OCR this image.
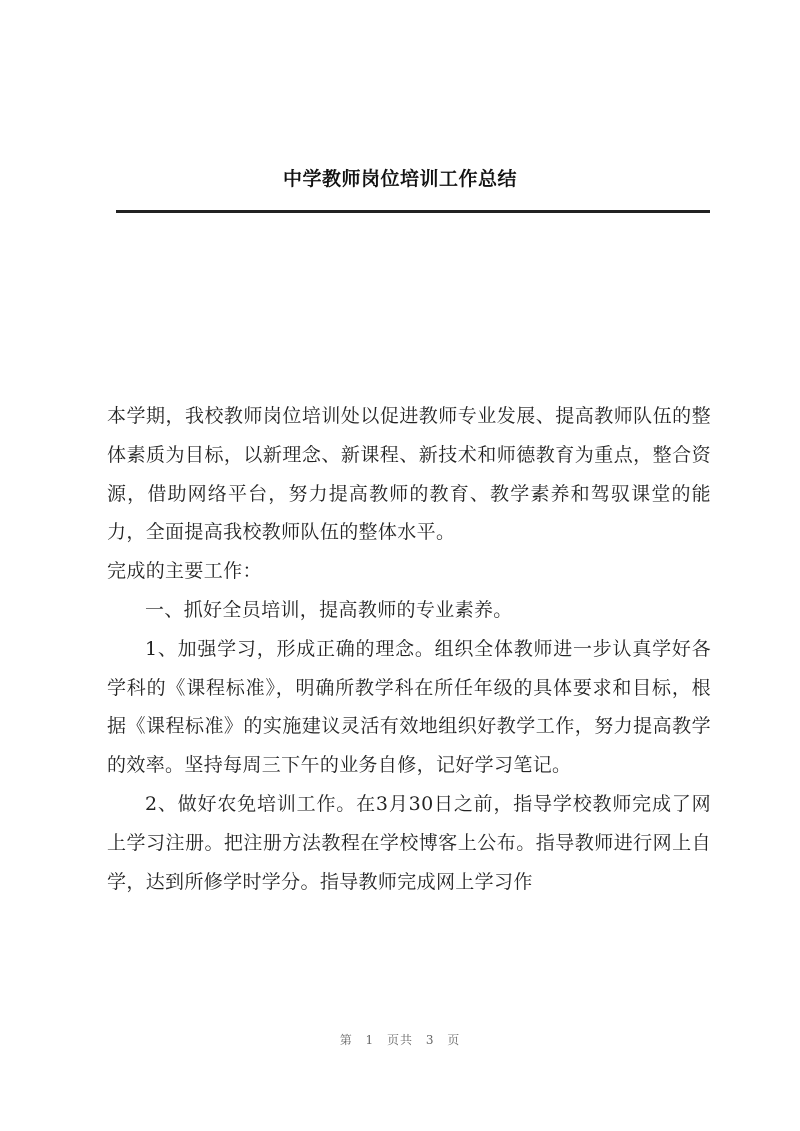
中学教师岗位培训工作总结

本学期，我校教师岗位培训处以促进教师专业发展、提高教师队伍的整体素质为目标，以新理念、新课程、新技术和师德教育为重点，整合资源，借助网络平台，努力提高教师的教育、教学素养和驾驭课堂的能力，全面提高我校教师队伍的整体水平。

完成的主要工作：

一、抓好全员培训，提高教师的专业素养。

1、加强学习，形成正确的理念。组织全体教师进一步认真学好各学科的《课程标准》，明确所教学科在所任年级的具体要求和目标，根据《课程标准》的实施建议灵活有效地组织好教学工作，努力提高教学的效率。坚持每周三下午的业务自修，记好学习笔记。

2、做好农免培训工作。在3月30日之前，指导学校教师完成了网上学习注册。把注册方法教程在学校博客上公布。指导教师进行网上自学，达到所修学时学分。指导教师完成网上学习作

第 1 页共 3 页
